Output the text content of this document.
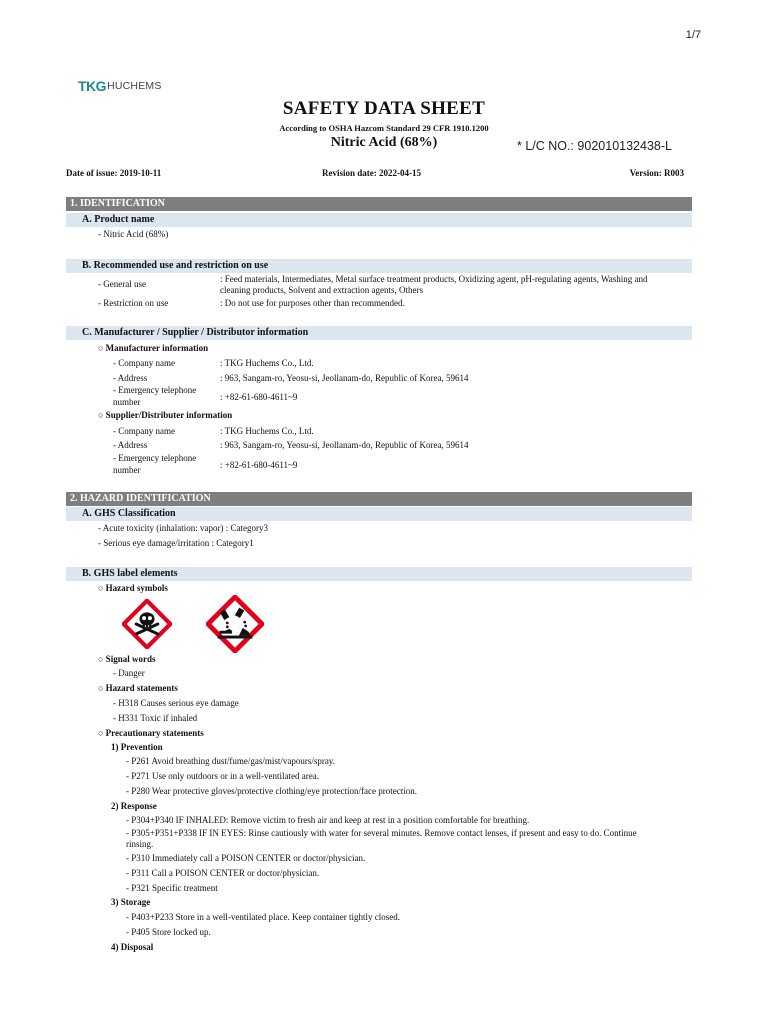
1/7
TKG HUCHEMS
SAFETY DATA SHEET
According to OSHA Hazcom Standard 29 CFR 1910.1200
Nitric Acid (68%)	* L/C NO.: 902010132438-L
Date of issue: 2019-10-11	Revision date: 2022-04-15	Version: R003
1. IDENTIFICATION
A. Product name
- Nitric Acid (68%)
B. Recommended use and restriction on use
- General use	: Feed materials, Intermediates, Metal surface treatment products, Oxidizing agent, pH-regulating agents, Washing and cleaning products, Solvent and extraction agents, Others
- Restriction on use	: Do not use for purposes other than recommended.
C. Manufacturer / Supplier / Distributor information
○ Manufacturer information
- Company name	: TKG Huchems Co., Ltd.
- Address	: 963, Sangam-ro, Yeosu-si, Jeollanam-do, Republic of Korea, 59614
- Emergency telephone
number	: +82-61-680-4611~9
○ Supplier/Distributer information
- Company name	: TKG Huchems Co., Ltd.
- Address	: 963, Sangam-ro, Yeosu-si, Jeollanam-do, Republic of Korea, 59614
- Emergency telephone
number	: +82-61-680-4611~9
2. HAZARD IDENTIFICATION
A. GHS Classification
- Acute toxicity (inhalation: vapor) : Category3
- Serious eye damage/irritation : Category1
B. GHS label elements
○ Hazard symbols
○ Signal words
- Danger
○ Hazard statements
- H318 Causes serious eye damage
- H331 Toxic if inhaled
○ Precautionary statements
1) Prevention
- P261 Avoid breathing dust/fume/gas/mist/vapours/spray.
- P271 Use only outdoors or in a well-ventilated area.
- P280 Wear protective gloves/protective clothing/eye protection/face protection.
2) Response
- P304+P340 IF INHALED: Remove victim to fresh air and keep at rest in a position comfortable for breathing.
- P305+P351+P338 IF IN EYES: Rinse cautiously with water for several minutes. Remove contact lenses, if present and easy to do. Continue rinsing.
- P310 Immediately call a POISON CENTER or doctor/physician.
- P311 Call a POISON CENTER or doctor/physician.
- P321 Specific treatment
3) Storage
- P403+P233 Store in a well-ventilated place. Keep container tightly closed.
- P405 Store locked up.
4) Disposal
